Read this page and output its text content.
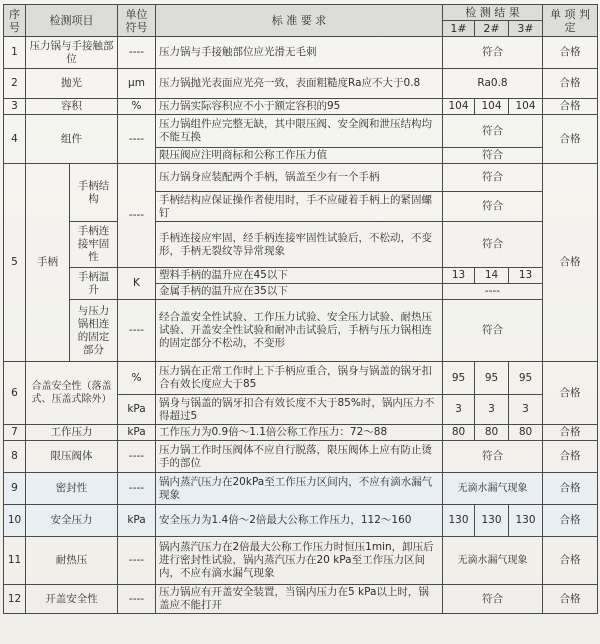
序号	检测项目		单位符号	标 准 要 求	检 测 结 果			单 项 判 定
					1#	2#	3#	
1	压力锅与手接触部位		----	压力锅与手接触部位应光滑无毛刺	符合			合格
2	抛光		μm	压力锅抛光表面应光亮一致，表面粗糙度Ra应不大于0.8	Ra0.8			合格
3	容积		%	压力锅实际容积应不小于额定容积的95	104	104	104	合格
4	组件		----	压力锅组件应完整无缺，其中限压阀、安全阀和泄压结构均不能互换	符合			合格
				限压阀应注明商标和公称工作压力值	符合			
5	手柄	手柄结构	----	压力锅身应装配两个手柄，锅盖至少有一个手柄	符合			合格
				手柄结构应保证操作者使用时，手不应碰着手柄上的紧固螺钉	符合			
		手柄连接牢固性		手柄连接应牢固，经手柄连接牢固性试验后，不松动，不变形，手柄无裂纹等异常现象	符合			
		手柄温升	K	塑料手柄的温升应在45以下	13	14	13	
				金属手柄的温升应在35以下	----			
		与压力锅相连的固定部分	----	经合盖安全性试验、工作压力试验、安全压力试验、耐热压试验、开盖安全性试验和耐冲击试验后，手柄与压力锅相连的固定部分不松动，不变形	符合			

6	合盖安全性（落盖式、压盖式除外）		%	压力锅在正常工作时上下手柄应重合，锅身与锅盖的锅牙扣合有效长度应大于85	95	95	95	合格
			kPa	锅身与锅盖的锅牙扣合有效长度不大于85%时，锅内压力不得超过5	3	3	3	
7	工作压力		kPa	工作压力为0.9倍～1.1倍公称工作压力：72～88	80	80	80	合格
8	限压阀体		----	压力锅工作时压阀体不应自行脱落，限压阀体上应有防止烫手的部位	符合			合格
9	密封性		----	锅内蒸汽压力在20kPa至工作压力区间内，不应有滴水漏气现象	无滴水漏气现象			合格
10	安全压力		kPa	安全压力为1.4倍～2倍最大公称工作压力，112～160	130	130	130	合格
11	耐热压		----	锅内蒸汽压力在2倍最大公称工作压力时恒压1min，卸压后进行密封性试验，锅内蒸汽压力在20 kPa至工作压力区间内，不应有滴水漏气现象	无滴水漏气现象			合格
12	开盖安全性		----	压力锅应有开盖安全装置，当锅内压力在5 kPa以上时，锅盖应不能打开	符合			合格
